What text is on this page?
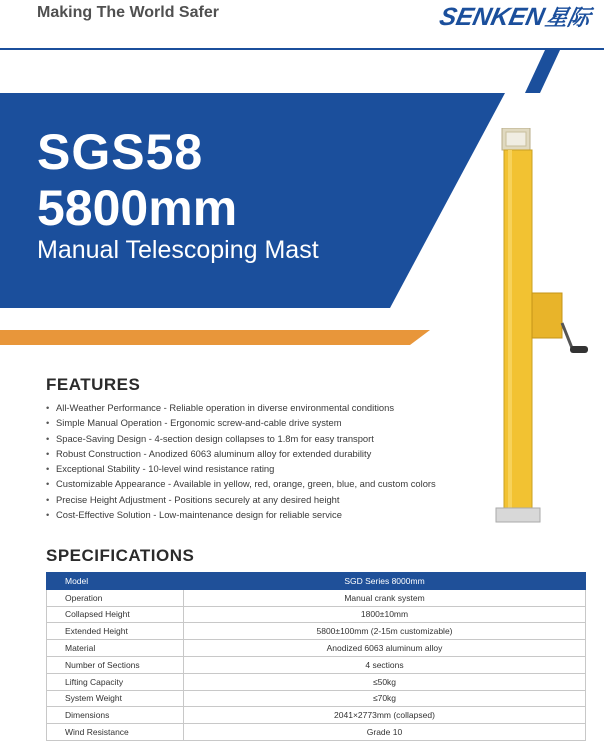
Making The World Safer	SENKEN星际
SGS58
5800mm
Manual Telescoping Mast
FEATURES
• All-Weather Performance - Reliable operation in diverse environmental conditions
• Simple Manual Operation - Ergonomic screw-and-cable drive system
• Space-Saving Design - 4-section design collapses to 1.8m for easy transport
• Robust Construction - Anodized 6063 aluminum alloy for extended durability
• Exceptional Stability - 10-level wind resistance rating
• Customizable Appearance - Available in yellow, red, orange, green, blue, and custom colors
• Precise Height Adjustment - Positions securely at any desired height
• Cost-Effective Solution - Low-maintenance design for reliable service
SPECIFICATIONS
Model	SGD Series 8000mm
Operation	Manual crank system
Collapsed Height	1800±10mm
Extended Height	5800±100mm (2-15m customizable)
Material	Anodized 6063 aluminum alloy
Number of Sections	4 sections
Lifting Capacity	≤50kg
System Weight	≤70kg
Dimensions	2041×2773mm (collapsed)
Wind Resistance	Grade 10
